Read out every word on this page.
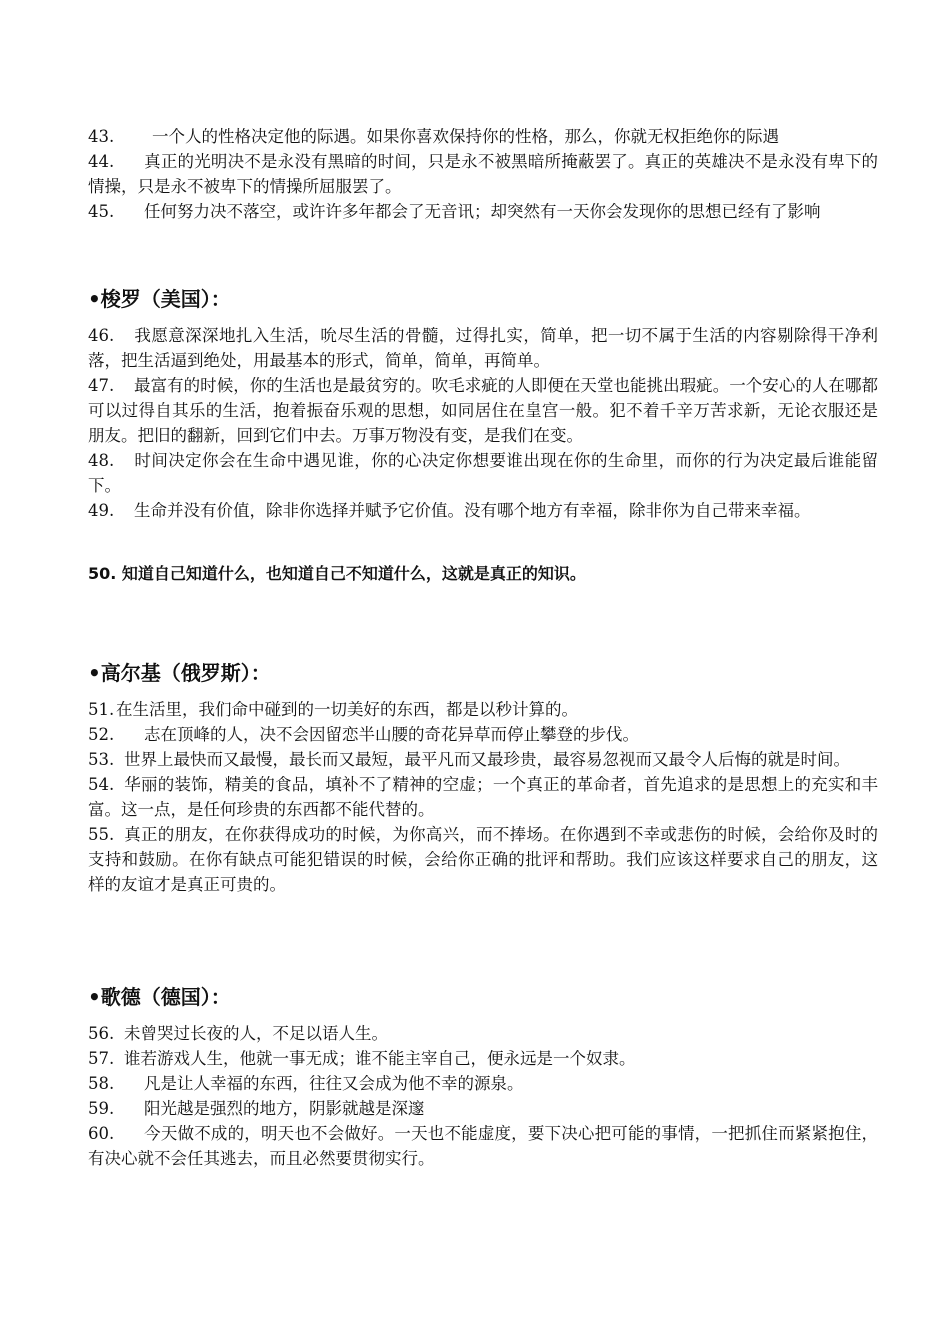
43. 一个人的性格决定他的际遇。如果你喜欢保持你的性格，那么，你就无权拒绝你的际遇

44. 真正的光明决不是永没有黑暗的时间，只是永不被黑暗所掩蔽罢了。真正的英雄决不是永没有卑下的情操，只是永不被卑下的情操所屈服罢了。

45. 任何努力决不落空，或许许多年都会了无音讯；却突然有一天你会发现你的思想已经有了影响

•梭罗（美国）：

46. 我愿意深深地扎入生活，吮尽生活的骨髓，过得扎实，简单，把一切不属于生活的内容剔除得干净利落，把生活逼到绝处，用最基本的形式，简单，简单，再简单。

47. 最富有的时候，你的生活也是最贫穷的。吹毛求疵的人即便在天堂也能挑出瑕疵。一个安心的人在哪都可以过得自其乐的生活，抱着振奋乐观的思想，如同居住在皇宫一般。犯不着千辛万苦求新，无论衣服还是朋友。把旧的翻新，回到它们中去。万事万物没有变，是我们在变。

48. 时间决定你会在生命中遇见谁，你的心决定你想要谁出现在你的生命里，而你的行为决定最后谁能留下。

49. 生命并没有价值，除非你选择并赋予它价值。没有哪个地方有幸福，除非你为自己带来幸福。

50. 知道自己知道什么，也知道自己不知道什么，这就是真正的知识。

•高尔基（俄罗斯）：

51. 在生活里，我们命中碰到的一切美好的东西，都是以秒计算的。

52. 志在顶峰的人，决不会因留恋半山腰的奇花异草而停止攀登的步伐。

53. 世界上最快而又最慢，最长而又最短，最平凡而又最珍贵，最容易忽视而又最令人后悔的就是时间。

54. 华丽的装饰，精美的食品，填补不了精神的空虚；一个真正的革命者，首先追求的是思想上的充实和丰富。这一点，是任何珍贵的东西都不能代替的。

55. 真正的朋友，在你获得成功的时候，为你高兴，而不捧场。在你遇到不幸或悲伤的时候，会给你及时的支持和鼓励。在你有缺点可能犯错误的时候，会给你正确的批评和帮助。我们应该这样要求自己的朋友，这样的友谊才是真正可贵的。

•歌德（德国）：

56. 未曾哭过长夜的人，不足以语人生。

57. 谁若游戏人生，他就一事无成；谁不能主宰自己，便永远是一个奴隶。

58. 凡是让人幸福的东西，往往又会成为他不幸的源泉。

59. 阳光越是强烈的地方，阴影就越是深邃

60. 今天做不成的，明天也不会做好。一天也不能虚度，要下决心把可能的事情，一把抓住而紧紧抱住，有决心就不会任其逃去，而且必然要贯彻实行。
